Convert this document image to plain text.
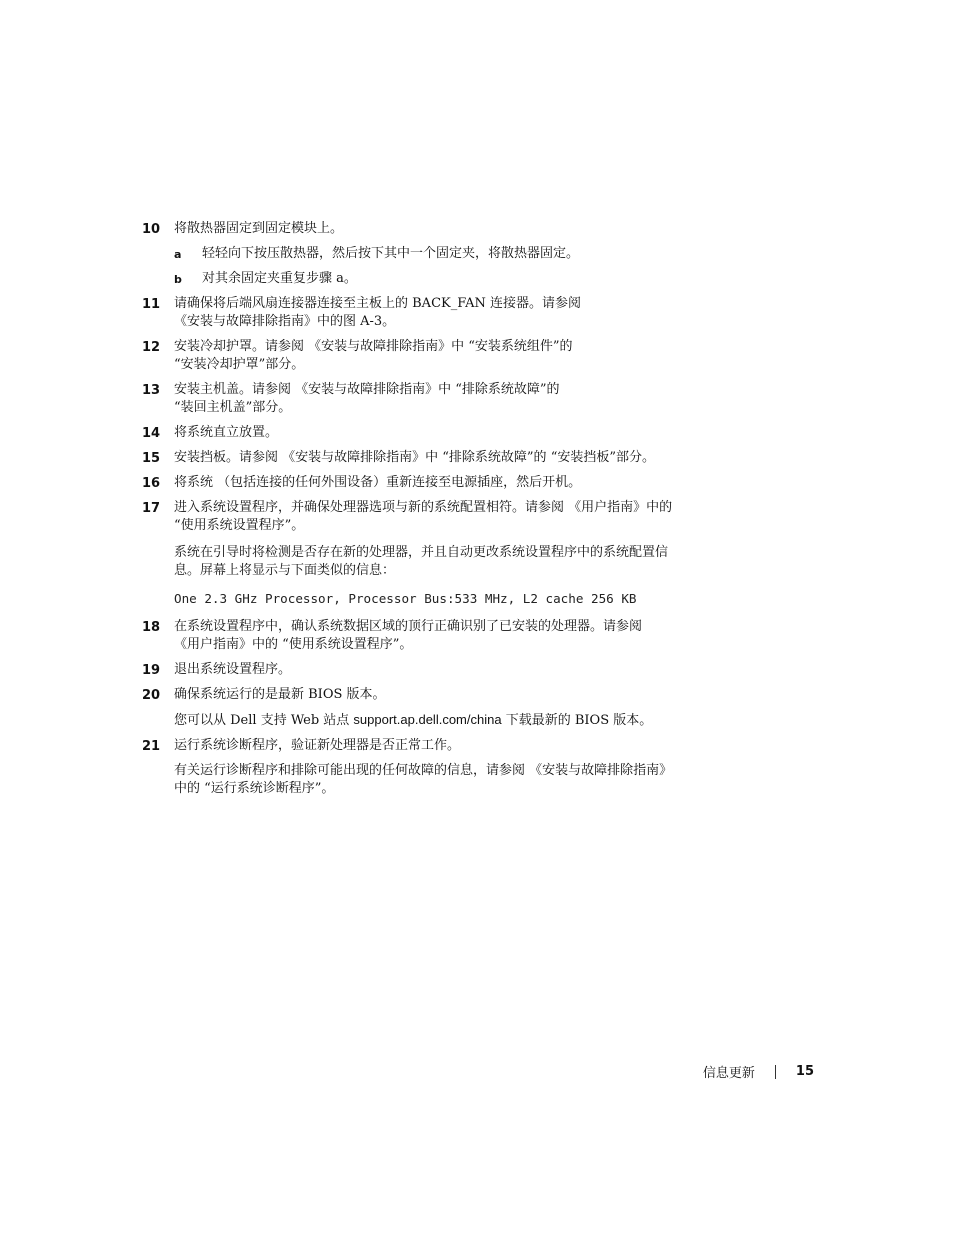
10	将散热器固定到固定模块上。
a	轻轻向下按压散热器，然后按下其中一个固定夹，将散热器固定。
b	对其余固定夹重复步骤 a。
11	请确保将后端风扇连接器连接至主板上的 BACK_FAN 连接器。请参阅
《安装与故障排除指南》中的图 A-3。
12	安装冷却护罩。请参阅 《安装与故障排除指南》中 “安装系统组件”的
“安装冷却护罩”部分。
13	安装主机盖。请参阅 《安装与故障排除指南》中 “排除系统故障”的
“装回主机盖”部分。
14	将系统直立放置。
15	安装挡板。请参阅 《安装与故障排除指南》中 “排除系统故障”的 “安装挡板”部分。
16	将系统 （包括连接的任何外围设备）重新连接至电源插座，然后开机。
17	进入系统设置程序，并确保处理器选项与新的系统配置相符。请参阅 《用户指南》中的
“使用系统设置程序”。
系统在引导时将检测是否存在新的处理器，并且自动更改系统设置程序中的系统配置信
息。屏幕上将显示与下面类似的信息：
One 2.3 GHz Processor, Processor Bus:533 MHz, L2 cache 256 KB
18	在系统设置程序中，确认系统数据区域的顶行正确识别了已安装的处理器。请参阅
《用户指南》中的 “使用系统设置程序”。
19	退出系统设置程序。
20	确保系统运行的是最新 BIOS 版本。
您可以从 Dell 支持 Web 站点 support.ap.dell.com/china 下载最新的 BIOS 版本。
21	运行系统诊断程序，验证新处理器是否正常工作。
有关运行诊断程序和排除可能出现的任何故障的信息，请参阅 《安装与故障排除指南》
中的 “运行系统诊断程序”。
信息更新	15
